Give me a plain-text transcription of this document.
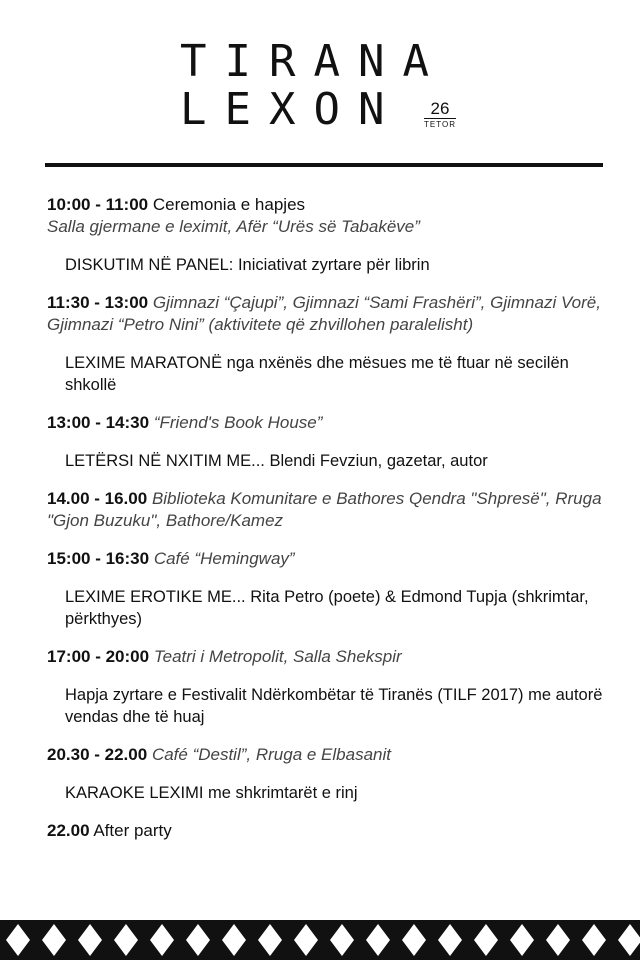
TIRANA
LEXON	26
TETOR
10:00 - 11:00 Ceremonia e hapjes
Salla gjermane e leximit, Afër “Urës së Tabakëve”
DISKUTIM NË PANEL: Iniciativat zyrtare për librin
11:30 - 13:00 Gjimnazi “Çajupi”, Gjimnazi “Sami Frashëri”, Gjimnazi Vorë, Gjimnazi “Petro Nini” (aktivitete që zhvillohen paralelisht)
LEXIME MARATONË nga nxënës dhe mësues me të ftuar në secilën shkollë
13:00 - 14:30 “Friend's Book House”
LETËRSI NË NXITIM ME... Blendi Fevziun, gazetar, autor
14.00 - 16.00 Biblioteka Komunitare e Bathores Qendra "Shpresë", Rruga "Gjon Buzuku", Bathore/Kamez
15:00 - 16:30 Café “Hemingway”
LEXIME EROTIKE ME... Rita Petro (poete) & Edmond Tupja (shkrimtar, përkthyes)
17:00 - 20:00 Teatri i Metropolit, Salla Shekspir
Hapja zyrtare e Festivalit Ndërkombëtar të Tiranës (TILF 2017) me autorë vendas dhe të huaj
20.30 - 22.00 Café “Destil”, Rruga e Elbasanit
KARAOKE LEXIMI me shkrimtarët e rinj
22.00 After party
